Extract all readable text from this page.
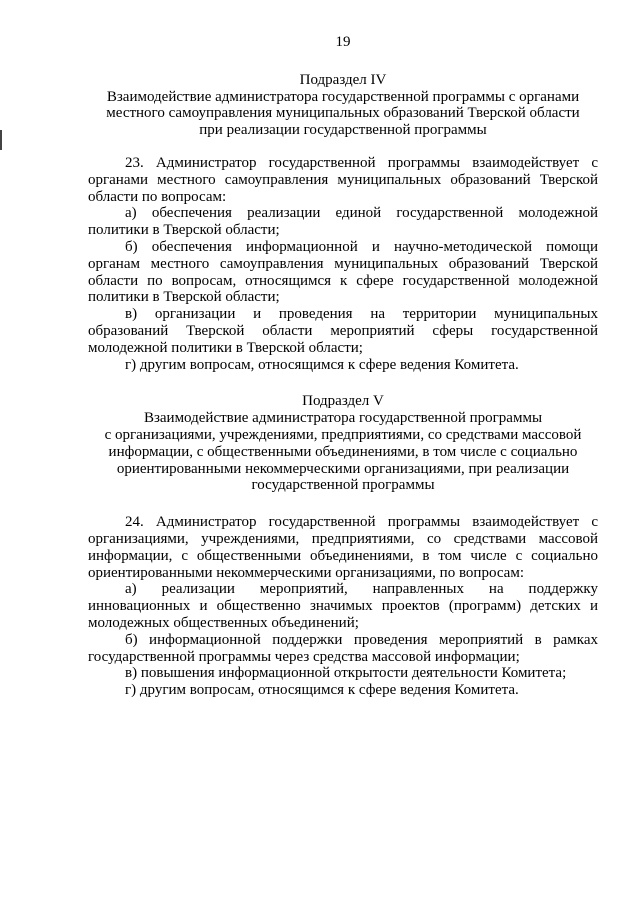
19
Подраздел IV
Взаимодействие администратора государственной программы с органами
местного самоуправления муниципальных образований Тверской области
при реализации государственной программы

23. Администратор государственной программы взаимодействует с органами местного самоуправления муниципальных образований Тверской области по вопросам:

а) обеспечения реализации единой государственной молодежной политики в Тверской области;

б) обеспечения информационной и научно-методической помощи органам местного самоуправления муниципальных образований Тверской области по вопросам, относящимся к сфере государственной молодежной политики в Тверской области;

в) организации и проведения на территории муниципальных образований Тверской области мероприятий сферы государственной молодежной политики в Тверской области;

г) другим вопросам, относящимся к сфере ведения Комитета.

Подраздел V
Взаимодействие администратора государственной программы
с организациями, учреждениями, предприятиями, со средствами массовой
информации, с общественными объединениями, в том числе с социально
ориентированными некоммерческими организациями, при реализации
государственной программы

24. Администратор государственной программы взаимодействует с организациями, учреждениями, предприятиями, со средствами массовой информации, с общественными объединениями, в том числе с социально ориентированными некоммерческими организациями, по вопросам:

а) реализации мероприятий, направленных на поддержку инновационных и общественно значимых проектов (программ) детских и молодежных общественных объединений;

б) информационной поддержки проведения мероприятий в рамках государственной программы через средства массовой информации;

в) повышения информационной открытости деятельности Комитета;

г) другим вопросам, относящимся к сфере ведения Комитета.
